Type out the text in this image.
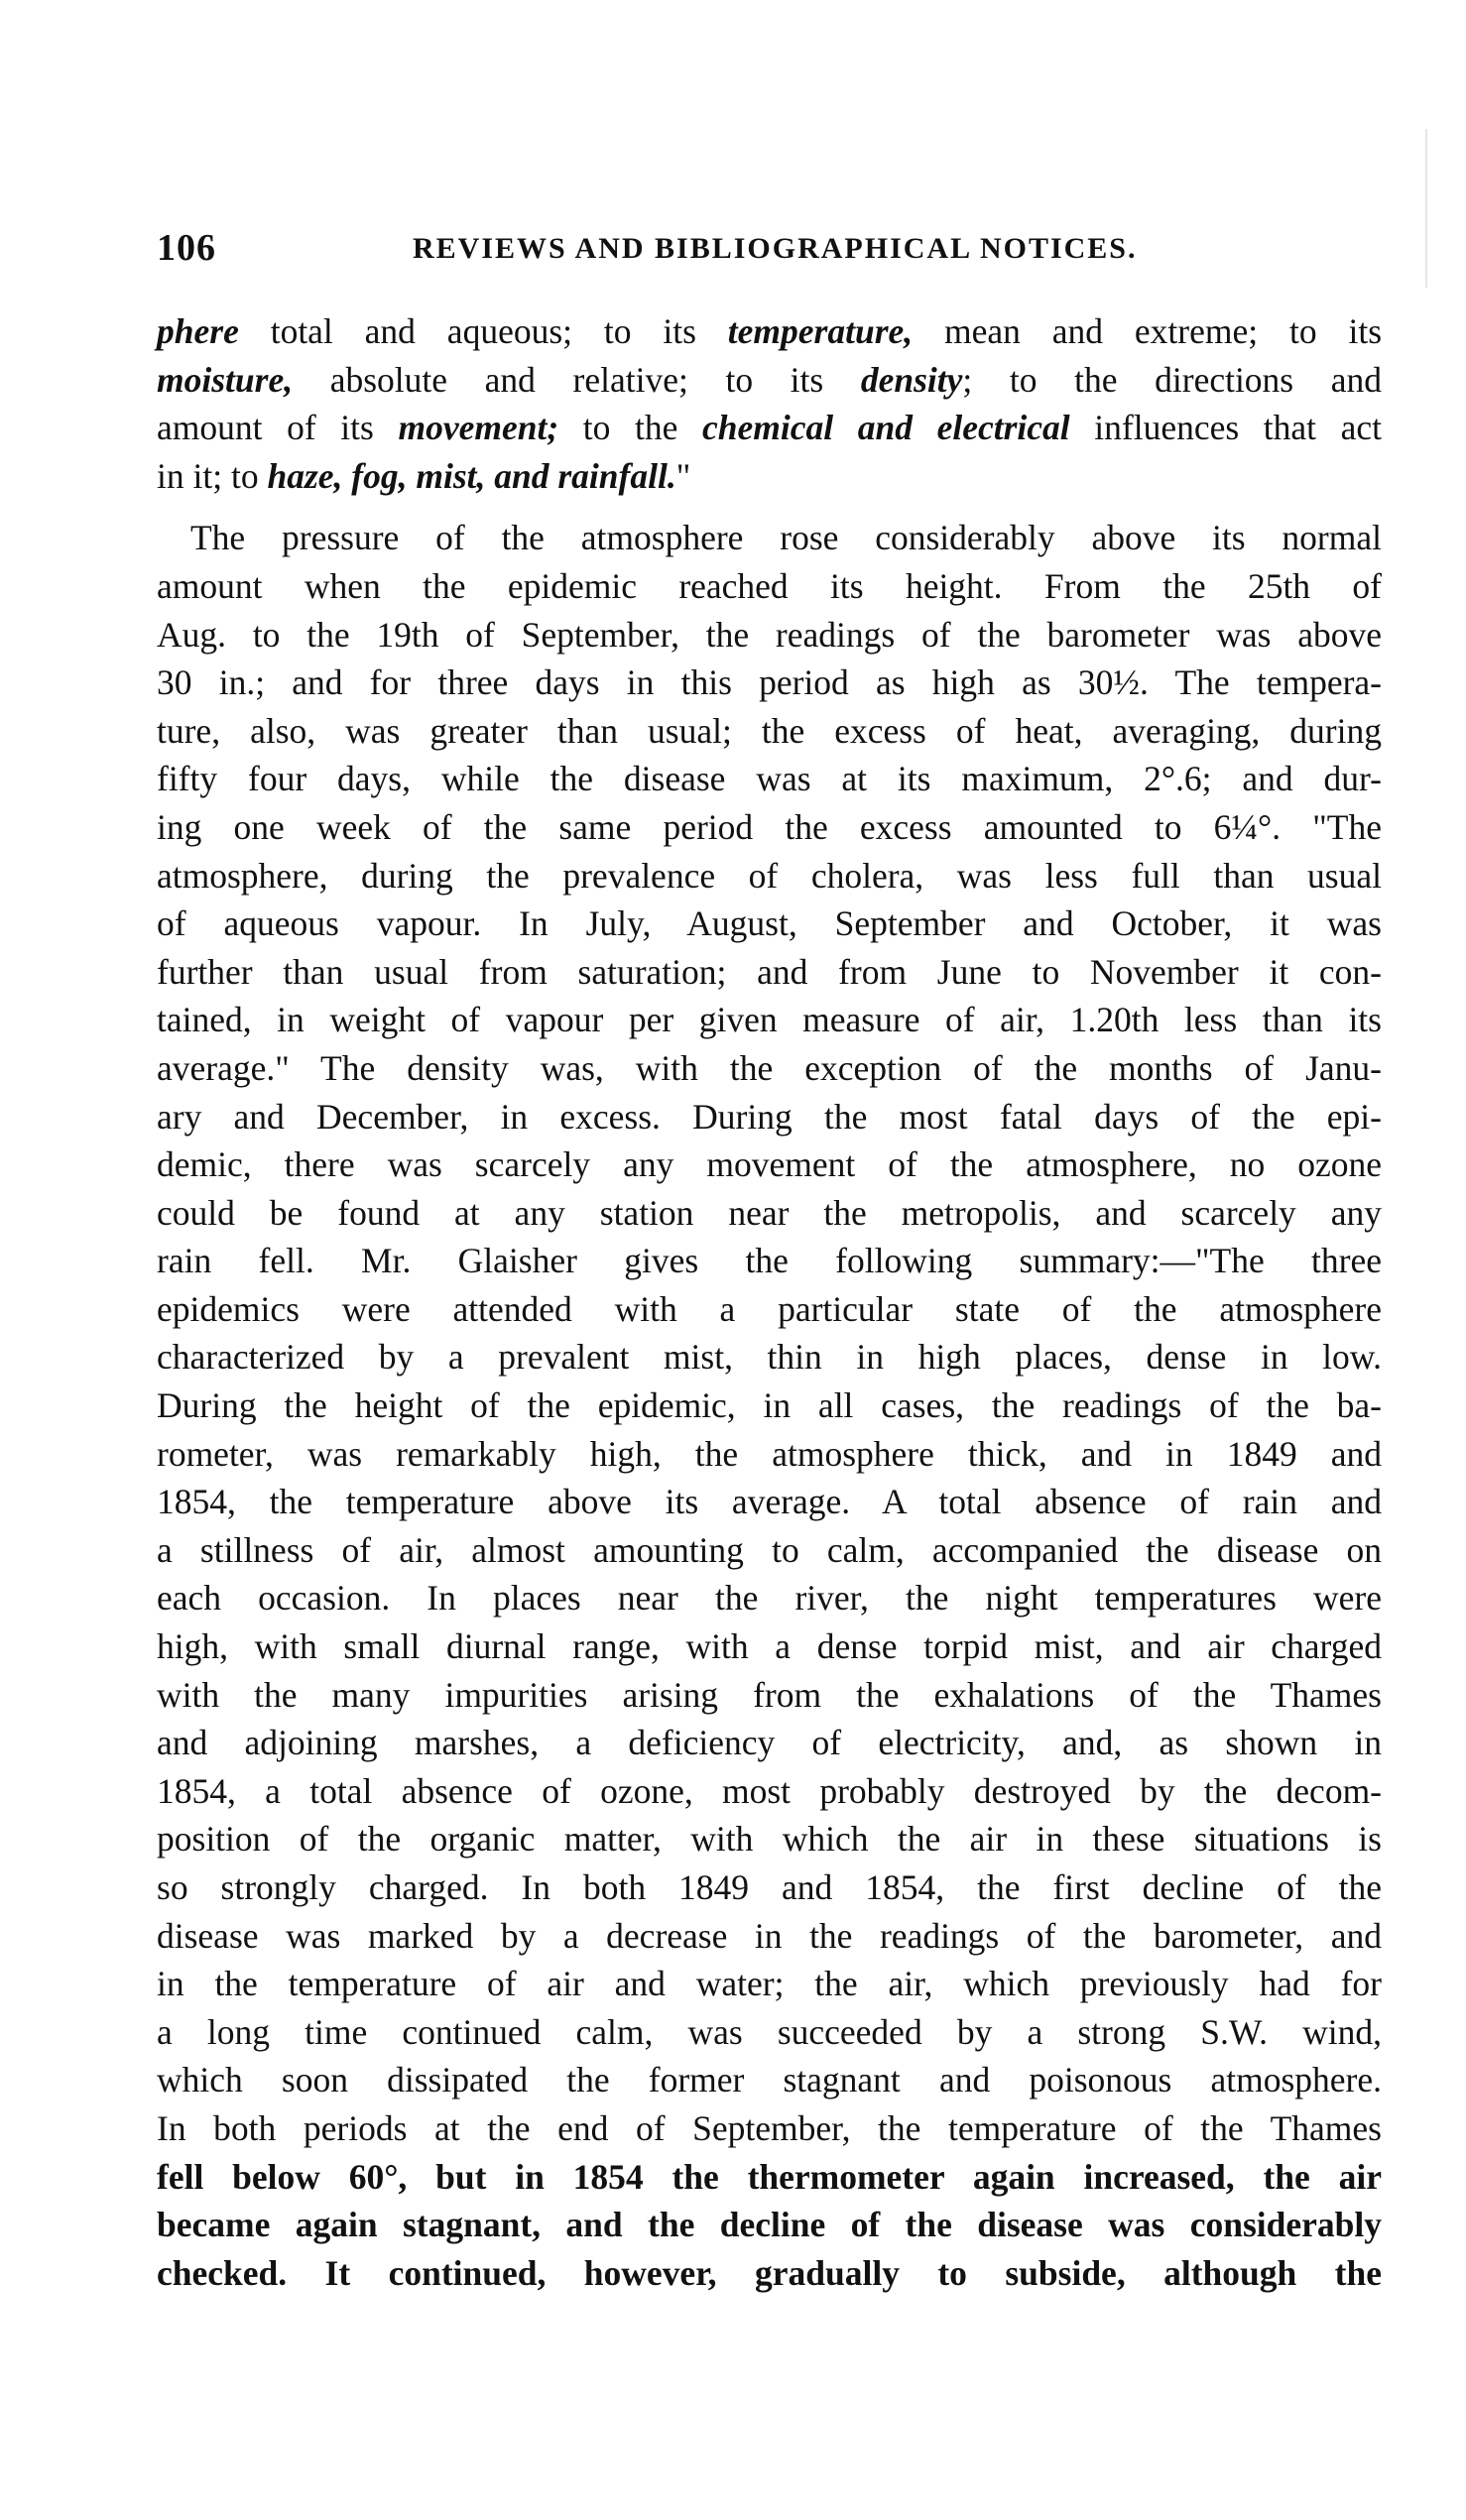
106	REVIEWS AND BIBLIOGRAPHICAL NOTICES.
phere total and aqueous; to its temperature, mean and extreme; to its
moisture, absolute and relative; to its density; to the directions and
amount of its movement; to the chemical and electrical influences that act
in it; to haze, fog, mist, and rainfall."
The pressure of the atmosphere rose considerably above its normal
amount when the epidemic reached its height. From the 25th of
Aug. to the 19th of September, the readings of the barometer was above
30 in.; and for three days in this period as high as 30½. The tempera-
ture, also, was greater than usual; the excess of heat, averaging, during
fifty four days, while the disease was at its maximum, 2°.6; and dur-
ing one week of the same period the excess amounted to 6¼°. "The
atmosphere, during the prevalence of cholera, was less full than usual
of aqueous vapour. In July, August, September and October, it was
further than usual from saturation; and from June to November it con-
tained, in weight of vapour per given measure of air, 1.20th less than its
average." The density was, with the exception of the months of Janu-
ary and December, in excess. During the most fatal days of the epi-
demic, there was scarcely any movement of the atmosphere, no ozone
could be found at any station near the metropolis, and scarcely any
rain fell. Mr. Glaisher gives the following summary:—"The three
epidemics were attended with a particular state of the atmosphere
characterized by a prevalent mist, thin in high places, dense in low.
During the height of the epidemic, in all cases, the readings of the ba-
rometer, was remarkably high, the atmosphere thick, and in 1849 and
1854, the temperature above its average. A total absence of rain and
a stillness of air, almost amounting to calm, accompanied the disease on
each occasion. In places near the river, the night temperatures were
high, with small diurnal range, with a dense torpid mist, and air charged
with the many impurities arising from the exhalations of the Thames
and adjoining marshes, a deficiency of electricity, and, as shown in
1854, a total absence of ozone, most probably destroyed by the decom-
position of the organic matter, with which the air in these situations is
so strongly charged. In both 1849 and 1854, the first decline of the
disease was marked by a decrease in the readings of the barometer, and
in the temperature of air and water; the air, which previously had for
a long time continued calm, was succeeded by a strong S.W. wind,
which soon dissipated the former stagnant and poisonous atmosphere.
In both periods at the end of September, the temperature of the Thames
fell below 60°, but in 1854 the thermometer again increased, the air
became again stagnant, and the decline of the disease was considerably
checked. It continued, however, gradually to subside, although the
